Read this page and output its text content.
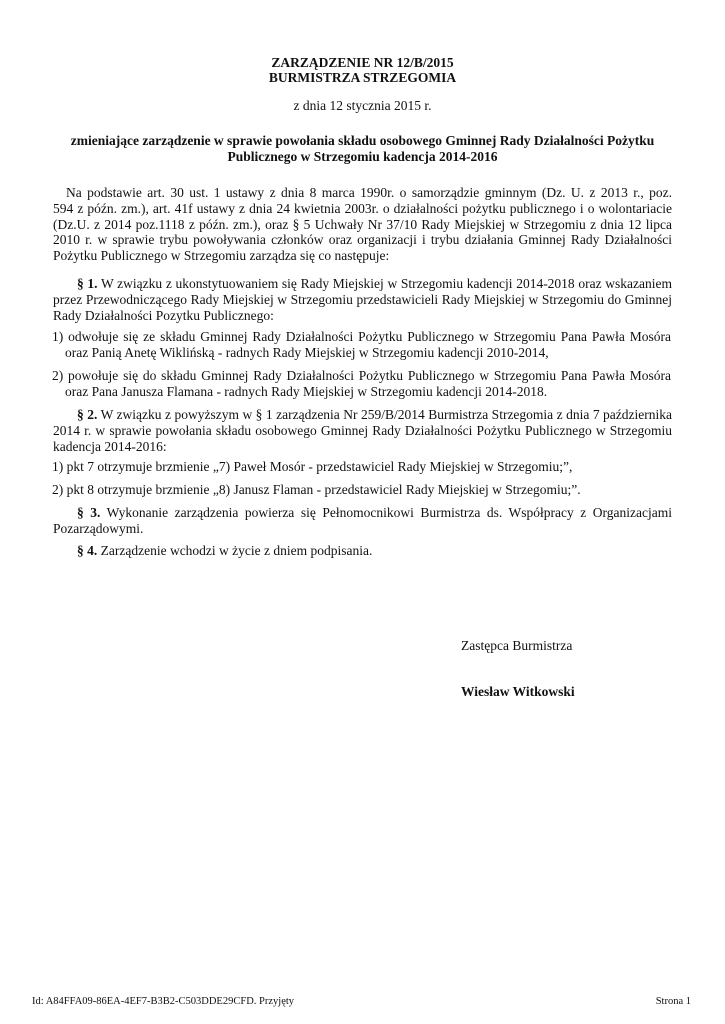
ZARZĄDZENIE NR 12/B/2015
BURMISTRZA STRZEGOMIA
z dnia 12 stycznia 2015 r.
zmieniające zarządzenie w sprawie powołania składu osobowego Gminnej Rady Działalności Pożytku
Publicznego w Strzegomiu kadencja 2014-2016
Na podstawie art. 30 ust. 1 ustawy z dnia 8 marca 1990r. o samorządzie gminnym (Dz. U. z 2013 r., poz.
594 z późn. zm.), art. 41f ustawy z dnia 24 kwietnia 2003r. o działalności pożytku publicznego i o wolontariacie
(Dz.U. z 2014 poz.1118 z późn. zm.), oraz § 5 Uchwały Nr 37/10 Rady Miejskiej w Strzegomiu z dnia 12 lipca
2010 r. w sprawie trybu powoływania członków oraz organizacji i trybu działania Gminnej Rady Działalności
Pożytku Publicznego w Strzegomiu zarządza się co następuje:
§ 1. W związku z ukonstytuowaniem się Rady Miejskiej w Strzegomiu kadencji 2014-2018 oraz wskazaniem
przez Przewodniczącego Rady Miejskiej w Strzegomiu przedstawicieli Rady Miejskiej w Strzegomiu do Gminnej
Rady Działalności Pozytku Publicznego:
1) odwołuje się ze składu Gminnej Rady Działalności Pożytku Publicznego w Strzegomiu Pana Pawła Mosóra
oraz Panią Anetę Wiklińską - radnych Rady Miejskiej w Strzegomiu kadencji 2010-2014,
2) powołuje się do składu Gminnej Rady Działalności Pożytku Publicznego w Strzegomiu Pana Pawła Mosóra
oraz Pana Janusza Flamana - radnych Rady Miejskiej w Strzegomiu kadencji 2014-2018.
§ 2. W związku z powyższym w § 1 zarządzenia Nr 259/B/2014 Burmistrza Strzegomia z dnia 7 października
2014 r. w sprawie powołania składu osobowego Gminnej Rady Działalności Pożytku Publicznego w Strzegomiu
kadencja 2014-2016:
1) pkt 7 otrzymuje brzmienie „7) Paweł Mosór - przedstawiciel Rady Miejskiej w Strzegomiu;”,
2) pkt 8 otrzymuje brzmienie „8) Janusz Flaman - przedstawiciel Rady Miejskiej w Strzegomiu;”.
§ 3. Wykonanie zarządzenia powierza się Pełnomocnikowi Burmistrza ds. Współpracy z Organizacjami
Pozarządowymi.
§ 4. Zarządzenie wchodzi w życie z dniem podpisania.
Zastępca Burmistrza
Wiesław Witkowski
Id: A84FFA09-86EA-4EF7-B3B2-C503DDE29CFD. Przyjęty	Strona 1
